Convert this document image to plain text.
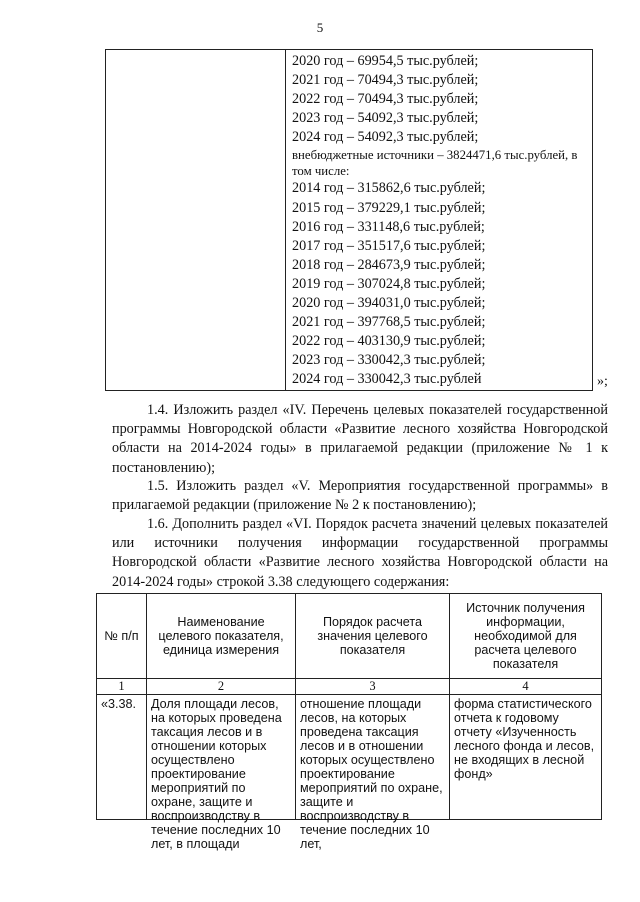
5
2020 год – 69954,5 тыс.рублей;
2021 год – 70494,3 тыс.рублей;
2022 год – 70494,3 тыс.рублей;
2023 год – 54092,3 тыс.рублей;
2024 год – 54092,3 тыс.рублей;
внебюджетные источники – 3824471,6 тыс.рублей, в том числе:
2014 год – 315862,6 тыс.рублей;
2015 год – 379229,1 тыс.рублей;
2016 год – 331148,6 тыс.рублей;
2017 год – 351517,6 тыс.рублей;
2018 год – 284673,9 тыс.рублей;
2019 год – 307024,8 тыс.рублей;
2020 год – 394031,0 тыс.рублей;
2021 год – 397768,5 тыс.рублей;
2022 год – 403130,9 тыс.рублей;
2023 год – 330042,3 тыс.рублей;
2024 год – 330042,3 тыс.рублей	»;

1.4. Изложить раздел «IV. Перечень целевых показателей государственной программы Новгородской области «Развитие лесного хозяйства Новгородской области на 2014-2024 годы» в прилагаемой редакции (приложение № 1 к постановлению);

1.5. Изложить раздел «V. Мероприятия государственной программы» в прилагаемой редакции (приложение № 2 к постановлению);

1.6. Дополнить раздел «VI. Порядок расчета значений целевых показателей или источники получения информации государственной программы Новгородской области «Развитие лесного хозяйства Новгородской области на 2014-2024 годы» строкой 3.38 следующего содержания:

№ п/п	Наименование целевого показателя, единица измерения	Порядок расчета значения целевого показателя	Источник получения информации, необходимой для расчета целевого показателя
1	2	3	4

«3.38.	Доля площади лесов, на которых проведена таксация лесов и в отношении которых осуществлено проектирование мероприятий по охране, защите и воспроизводству в течение последних 10 лет, в площади	отношение площади лесов, на которых проведена таксация лесов и в отношении которых осуществлено проектирование мероприятий по охране, защите и воспроизводству в течение последних 10 лет,	форма статистического отчета к годовому отчету «Изученность лесного фонда и лесов, не входящих в лесной фонд»
